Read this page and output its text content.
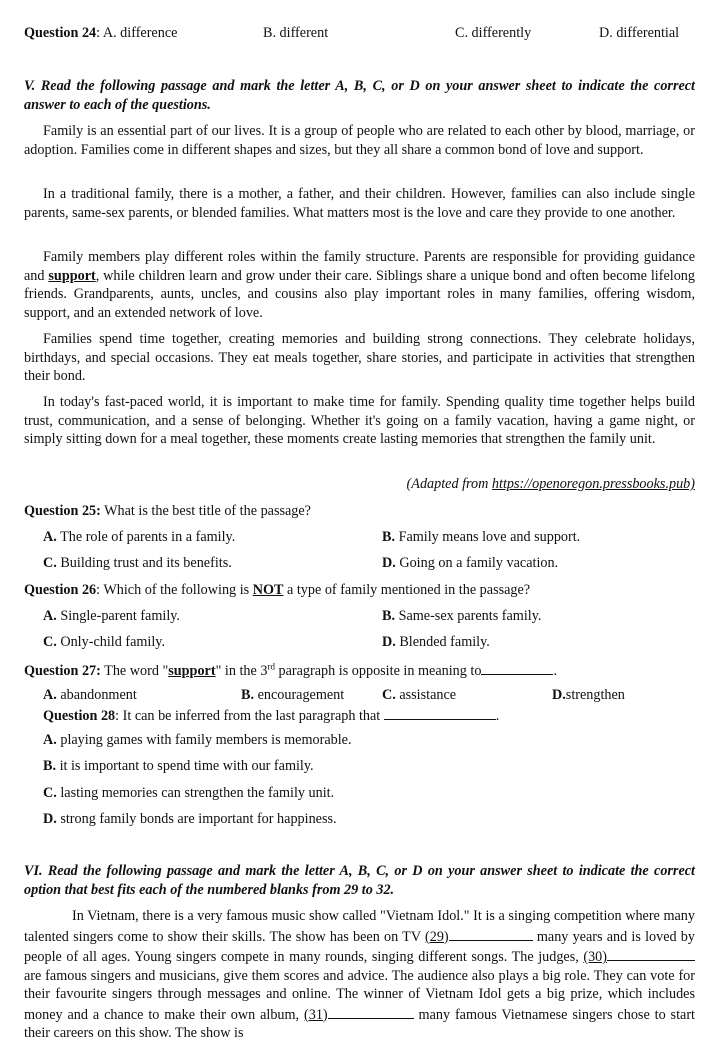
Question 24: A. difference	B. different	C. differently	D. differential
V. Read the following passage and mark the letter A, B, C, or D on your answer sheet to indicate the correct answer to each of the questions.
Family is an essential part of our lives. It is a group of people who are related to each other by blood, marriage, or adoption. Families come in different shapes and sizes, but they all share a common bond of love and support.
In a traditional family, there is a mother, a father, and their children. However, families can also include single parents, same-sex parents, or blended families. What matters most is the love and care they provide to one another.
Family members play different roles within the family structure. Parents are responsible for providing guidance and support, while children learn and grow under their care. Siblings share a unique bond and often become lifelong friends. Grandparents, aunts, uncles, and cousins also play important roles in many families, offering wisdom, support, and an extended network of love.
Families spend time together, creating memories and building strong connections. They celebrate holidays, birthdays, and special occasions. They eat meals together, share stories, and participate in activities that strengthen their bond.
In today's fast-paced world, it is important to make time for family. Spending quality time together helps build trust, communication, and a sense of belonging. Whether it's going on a family vacation, having a game night, or simply sitting down for a meal together, these moments create lasting memories that strengthen the family unit.
(Adapted from https://openoregon.pressbooks.pub)
Question 25: What is the best title of the passage?
A. The role of parents in a family.	B. Family means love and support.
C. Building trust and its benefits.	D. Going on a family vacation.
Question 26: Which of the following is NOT a type of family mentioned in the passage?
A. Single-parent family.	B. Same-sex parents family.
C. Only-child family.	D. Blended family.
Question 27: The word "support" in the 3rd paragraph is opposite in meaning to	.
A. abandonment	B. encouragement	C. assistance	D.strengthen
Question 28: It can be inferred from the last paragraph that	.
A. playing games with family members is memorable.
B. it is important to spend time with our family.
C. lasting memories can strengthen the family unit.
D. strong family bonds are important for happiness.
VI. Read the following passage and mark the letter A, B, C, or D on your answer sheet to indicate the correct option that best fits each of the numbered blanks from 29 to 32.
In Vietnam, there is a very famous music show called "Vietnam Idol." It is a singing competition where many talented singers come to show their skills. The show has been on TV (29)	many years and is loved by people of all ages. Young singers compete in many rounds, singing different songs. The judges, (30) are famous singers and musicians, give them scores and advice. The audience also plays a big role. They can vote for their favourite singers through messages and online. The winner of Vietnam Idol gets a big prize, which includes money and a chance to make their own album, (31)	many famous Vietnamese singers chose to start their careers on this show. The show is
